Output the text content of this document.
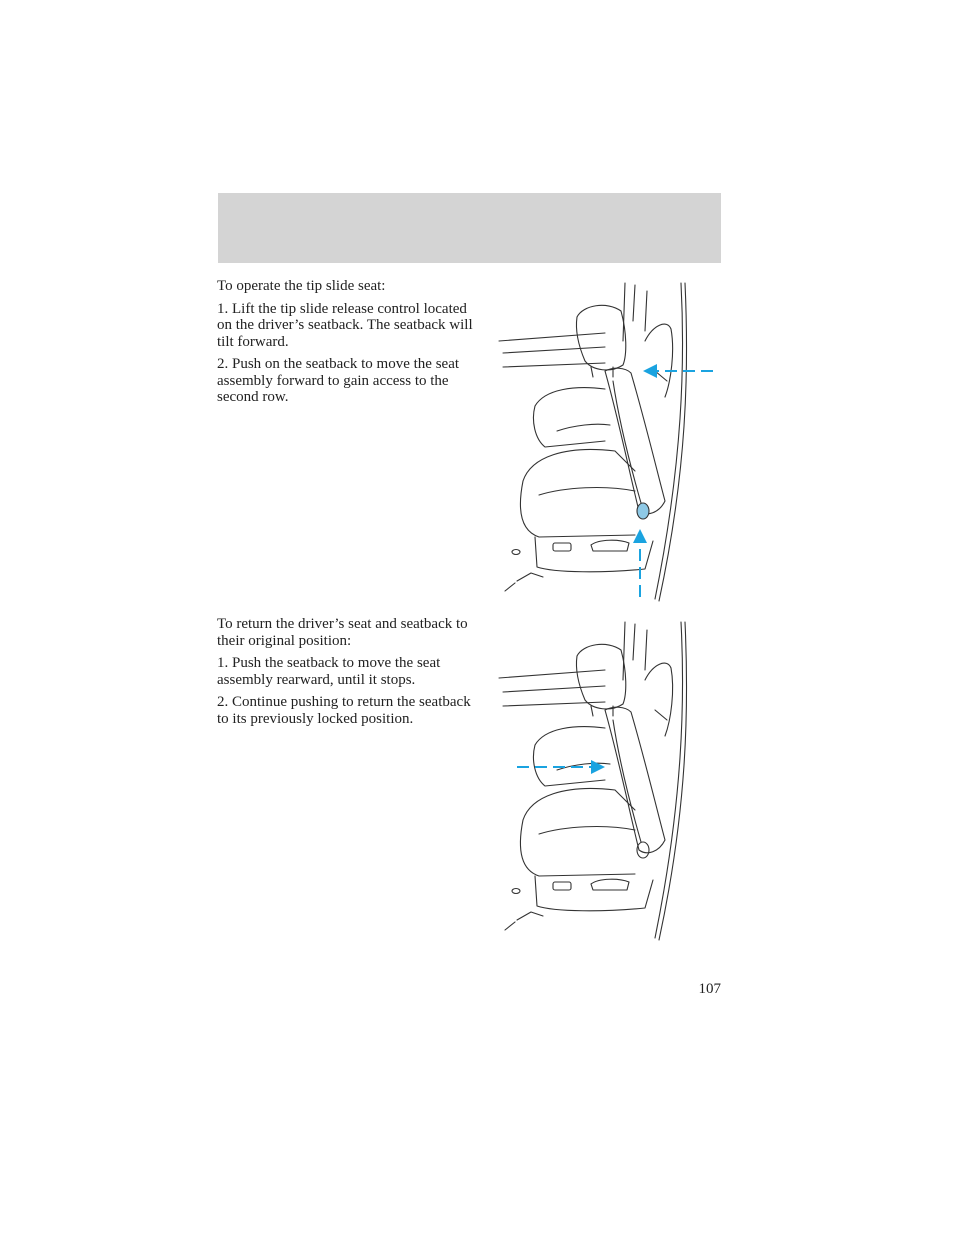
To operate the tip slide seat:

1. Lift the tip slide release control located on the driver’s seatback. The seatback will tilt forward.

2. Push on the seatback to move the seat assembly forward to gain access to the second row.

To return the driver’s seat and seatback to their original position:

1. Push the seatback to move the seat assembly rearward, until it stops.

2. Continue pushing to return the seatback to its previously locked position.

107
